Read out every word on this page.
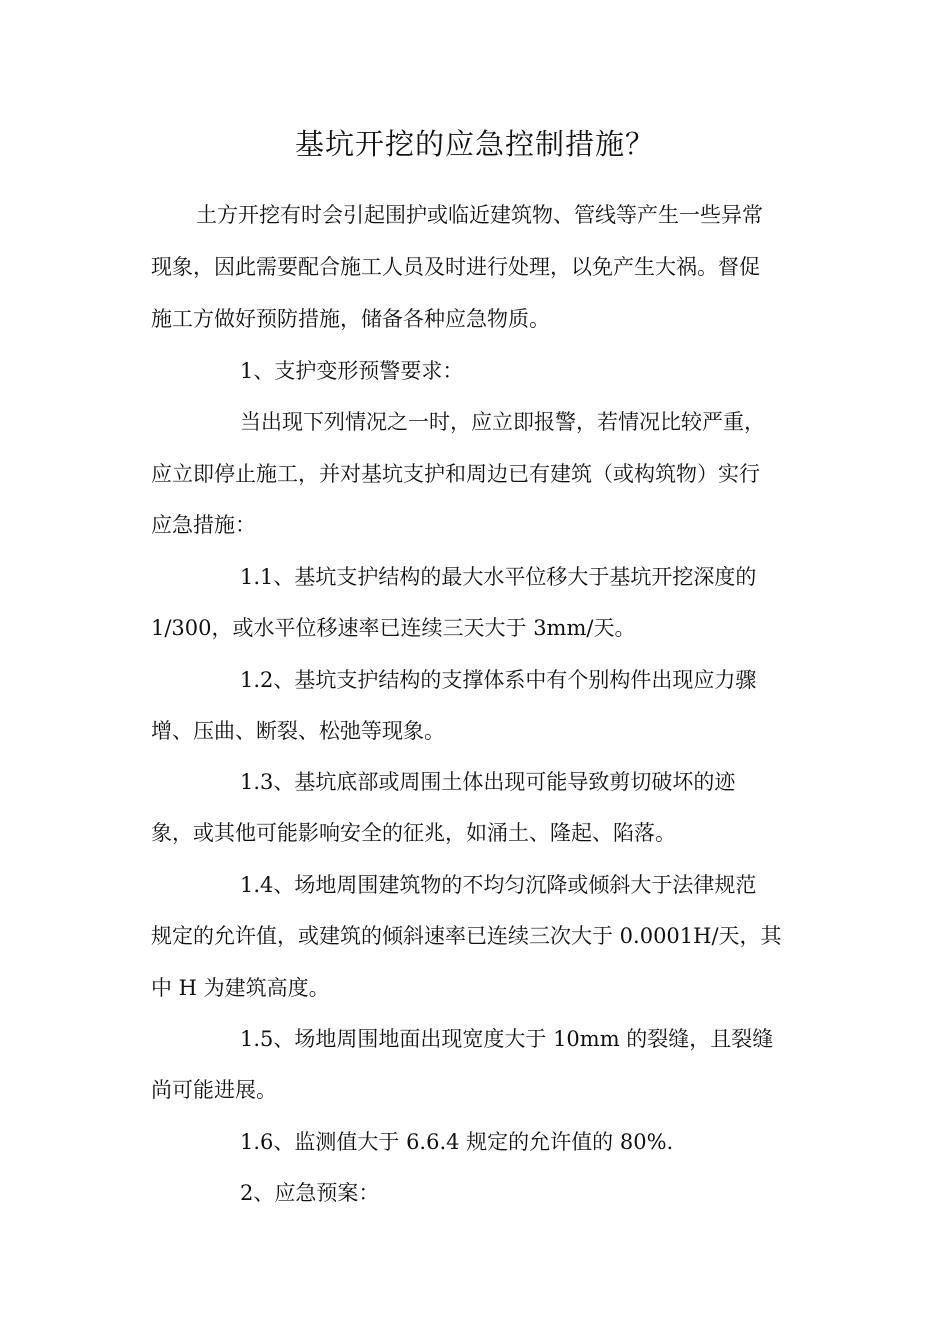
基坑开挖的应急控制措施？
土方开挖有时会引起围护或临近建筑物、管线等产生一些异常
现象，因此需要配合施工人员及时进行处理，以免产生大祸。督促
施工方做好预防措施，储备各种应急物质。
1、支护变形预警要求：
当出现下列情况之一时，应立即报警，若情况比较严重，
应立即停止施工，并对基坑支护和周边已有建筑（或构筑物）实行
应急措施：
1.1、基坑支护结构的最大水平位移大于基坑开挖深度的
1/300，或水平位移速率已连续三天大于 3mm/天。
1.2、基坑支护结构的支撑体系中有个别构件出现应力骤
增、压曲、断裂、松弛等现象。
1.3、基坑底部或周围土体出现可能导致剪切破坏的迹
象，或其他可能影响安全的征兆，如涌土、隆起、陷落。
1.4、场地周围建筑物的不均匀沉降或倾斜大于法律规范
规定的允许值，或建筑的倾斜速率已连续三次大于 0.0001H/天，其
中 H 为建筑高度。
1.5、场地周围地面出现宽度大于 10mm 的裂缝，且裂缝
尚可能进展。
1.6、监测值大于 6.6.4 规定的允许值的 80%.
2、应急预案：
